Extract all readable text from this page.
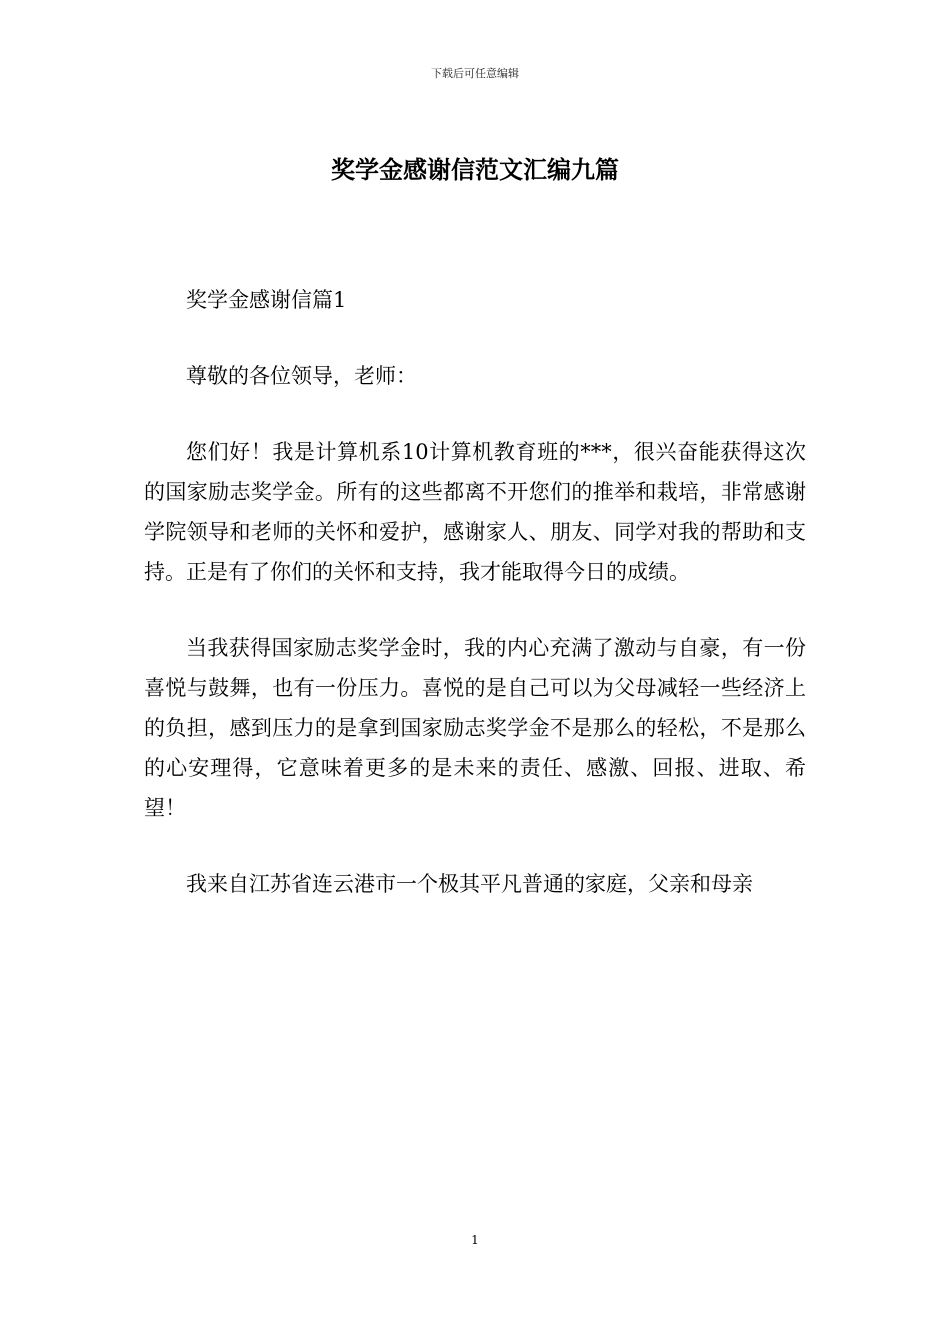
下载后可任意编辑
奖学金感谢信范文汇编九篇

奖学金感谢信篇1

尊敬的各位领导，老师：

您们好！我是计算机系10计算机教育班的***，很兴奋能获得这次的国家励志奖学金。所有的这些都离不开您们的推举和栽培，非常感谢学院领导和老师的关怀和爱护，感谢家人、朋友、同学对我的帮助和支持。正是有了你们的关怀和支持，我才能取得今日的成绩。

当我获得国家励志奖学金时，我的内心充满了激动与自豪，有一份喜悦与鼓舞，也有一份压力。喜悦的是自己可以为父母减轻一些经济上的负担，感到压力的是拿到国家励志奖学金不是那么的轻松，不是那么的心安理得，它意味着更多的是未来的责任、感激、回报、进取、希望！

我来自江苏省连云港市一个极其平凡普通的家庭，父亲和母亲

1
